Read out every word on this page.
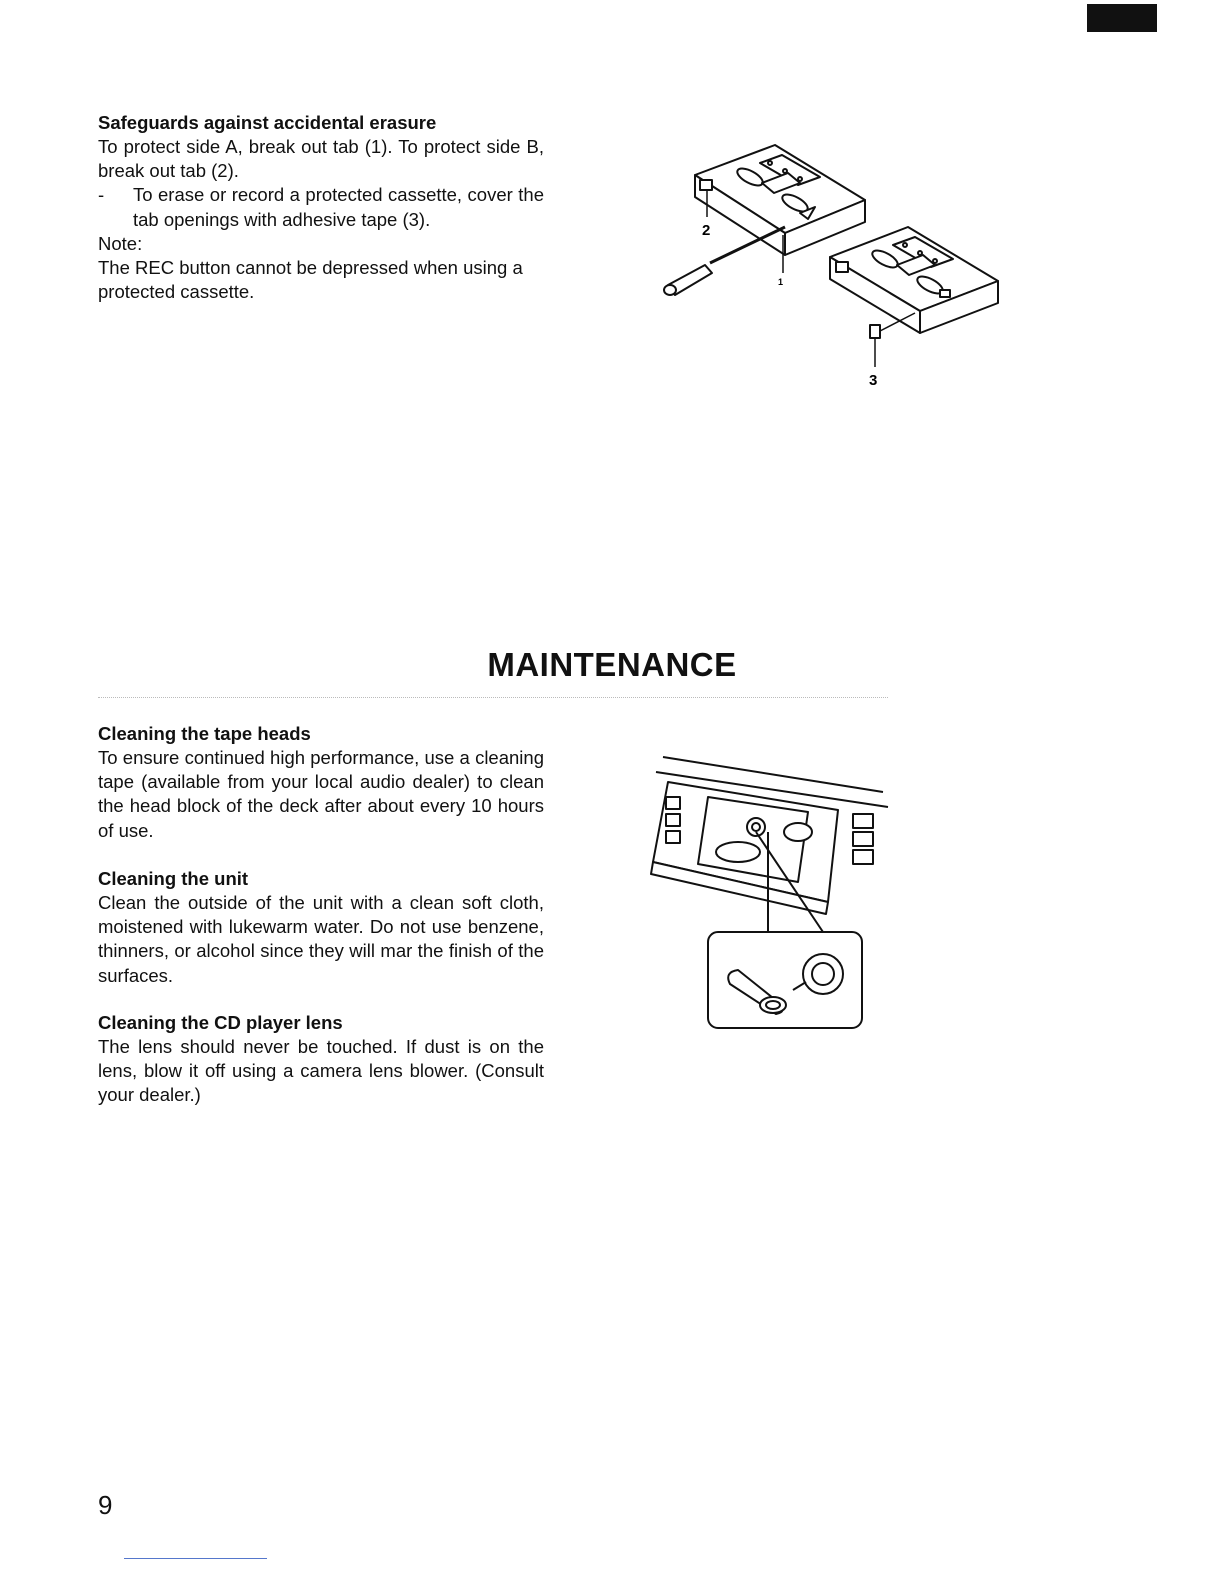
Safeguards against accidental erasure

To protect side A, break out tab (1). To protect side B, break out tab (2).

-	To erase or record a protected cassette, cover the tab openings with adhesive tape (3).

Note:

The REC button cannot be depressed when using a protected cassette.

2
1
3
MAINTENANCE

Cleaning the tape heads

To ensure continued high performance, use a cleaning tape (available from your local audio dealer) to clean the head block of the deck after about every 10 hours of use.

Cleaning the unit

Clean the outside of the unit with a clean soft cloth, moistened with lukewarm water. Do not use benzene, thinners, or alcohol since they will mar the finish of the surfaces.

Cleaning the CD player lens

The lens should never be touched. If dust is on the lens, blow it off using a camera lens blower. (Consult your dealer.)

9
